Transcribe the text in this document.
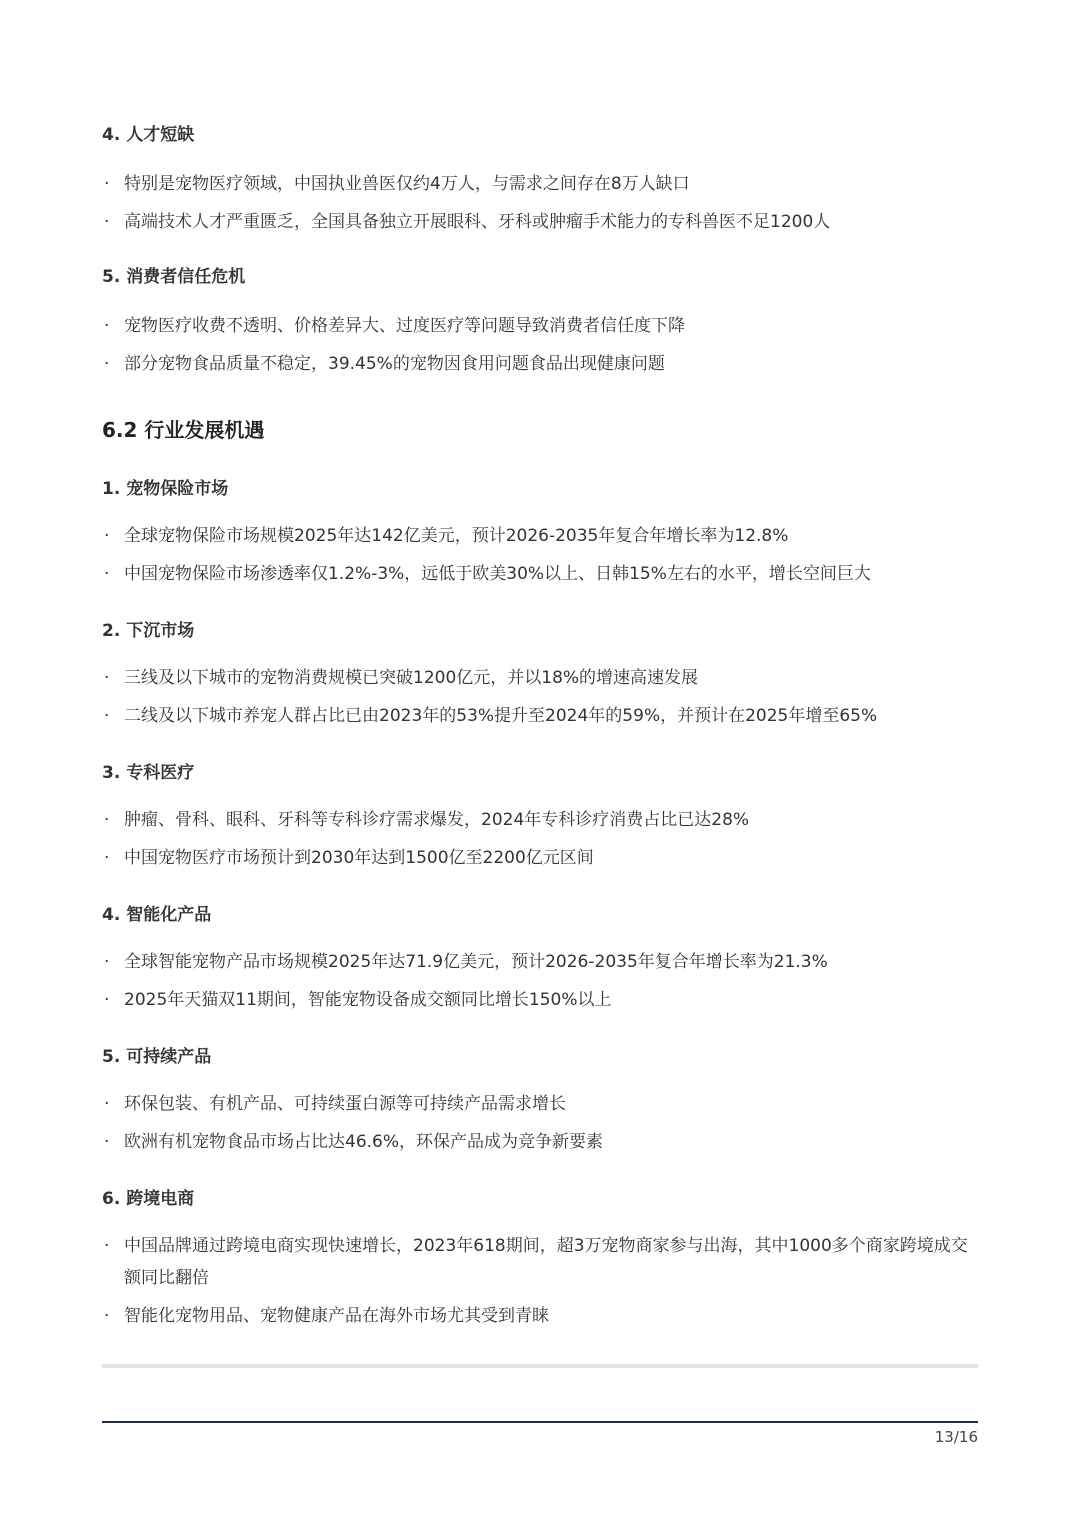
4. 人才短缺
· 特别是宠物医疗领域，中国执业兽医仅约4万人，与需求之间存在8万人缺口
· 高端技术人才严重匮乏，全国具备独立开展眼科、牙科或肿瘤手术能力的专科兽医不足1200人
5. 消费者信任危机
· 宠物医疗收费不透明、价格差异大、过度医疗等问题导致消费者信任度下降
· 部分宠物食品质量不稳定，39.45%的宠物因食用问题食品出现健康问题
6.2 行业发展机遇
1. 宠物保险市场
· 全球宠物保险市场规模2025年达142亿美元，预计2026-2035年复合年增长率为12.8%
· 中国宠物保险市场渗透率仅1.2%-3%，远低于欧美30%以上、日韩15%左右的水平，增长空间巨大
2. 下沉市场
· 三线及以下城市的宠物消费规模已突破1200亿元，并以18%的增速高速发展
· 二线及以下城市养宠人群占比已由2023年的53%提升至2024年的59%，并预计在2025年增至65%
3. 专科医疗
· 肿瘤、骨科、眼科、牙科等专科诊疗需求爆发，2024年专科诊疗消费占比已达28%
· 中国宠物医疗市场预计到2030年达到1500亿至2200亿元区间
4. 智能化产品
· 全球智能宠物产品市场规模2025年达71.9亿美元，预计2026-2035年复合年增长率为21.3%
· 2025年天猫双11期间，智能宠物设备成交额同比增长150%以上
5. 可持续产品
· 环保包装、有机产品、可持续蛋白源等可持续产品需求增长
· 欧洲有机宠物食品市场占比达46.6%，环保产品成为竞争新要素
6. 跨境电商
· 中国品牌通过跨境电商实现快速增长，2023年618期间，超3万宠物商家参与出海，其中1000多个商家跨境成交额同比翻倍
· 智能化宠物用品、宠物健康产品在海外市场尤其受到青睐
13/16
